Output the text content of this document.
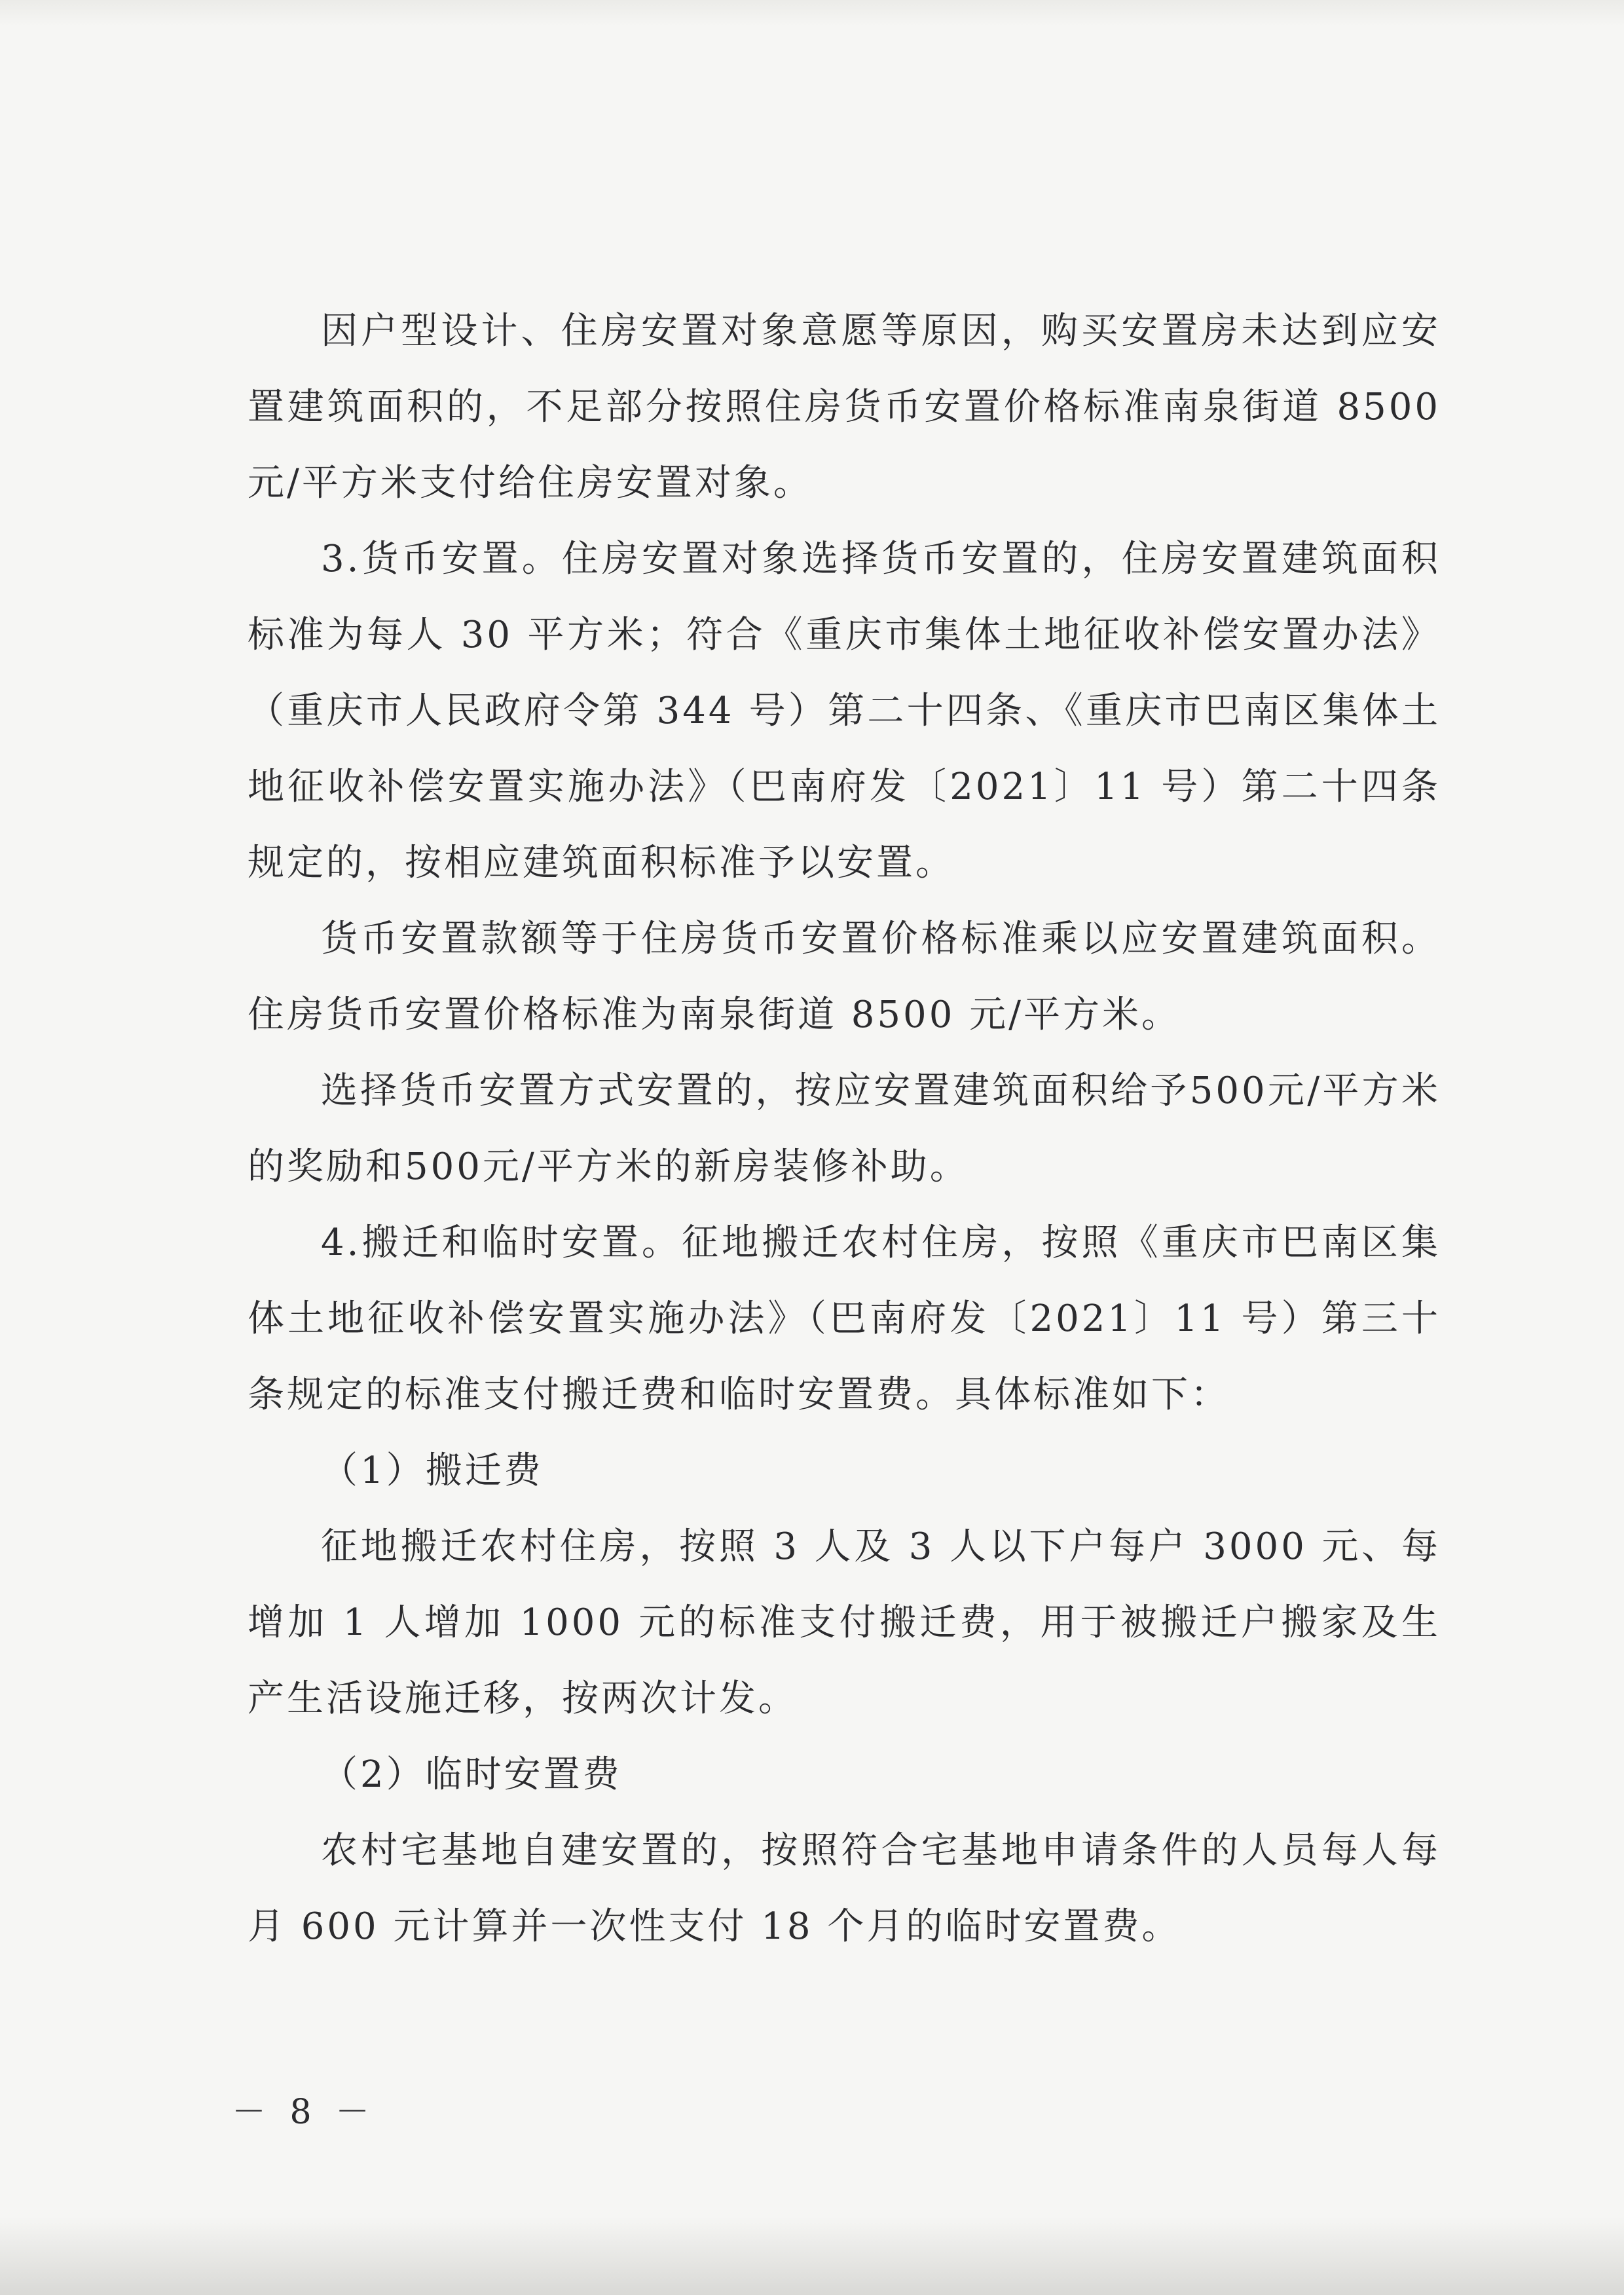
因户型设计、住房安置对象意愿等原因，购买安置房未达到应安置建筑面积的，不足部分按照住房货币安置价格标准南泉街道 8500 元/平方米支付给住房安置对象。

3.货币安置。住房安置对象选择货币安置的，住房安置建筑面积标准为每人 30 平方米；符合《重庆市集体土地征收补偿安置办法》（重庆市人民政府令第 344 号）第二十四条、《重庆市巴南区集体土地征收补偿安置实施办法》（巴南府发〔2021〕11 号）第二十四条规定的，按相应建筑面积标准予以安置。

货币安置款额等于住房货币安置价格标准乘以应安置建筑面积。住房货币安置价格标准为南泉街道 8500 元/平方米。

选择货币安置方式安置的，按应安置建筑面积给予500元/平方米的奖励和500元/平方米的新房装修补助。

4.搬迁和临时安置。征地搬迁农村住房，按照《重庆市巴南区集体土地征收补偿安置实施办法》（巴南府发〔2021〕11 号）第三十条规定的标准支付搬迁费和临时安置费。具体标准如下：

（1）搬迁费

征地搬迁农村住房，按照 3 人及 3 人以下户每户 3000 元、每增加 1 人增加 1000 元的标准支付搬迁费，用于被搬迁户搬家及生产生活设施迁移，按两次计发。

（2）临时安置费

农村宅基地自建安置的，按照符合宅基地申请条件的人员每人每月 600 元计算并一次性支付 18 个月的临时安置费。

－ 8 －
